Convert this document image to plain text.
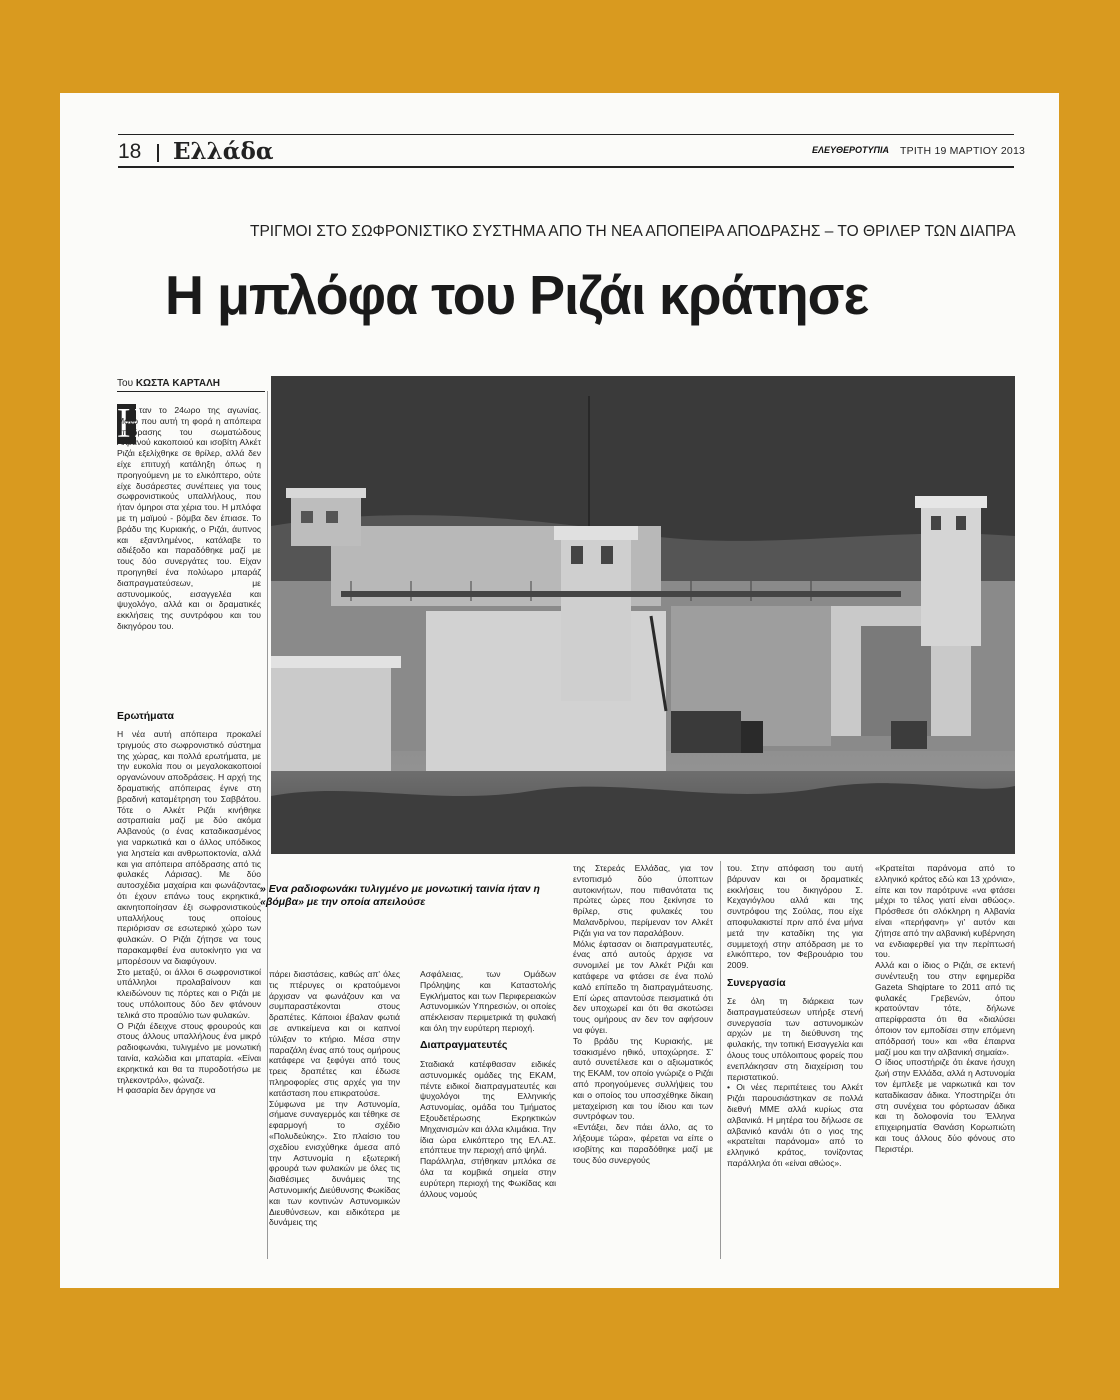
18 Ελλάδα	ΕΛΕΥΘΕΡΟΤΥΠΙΑ ΤΡΙΤΗ 19 ΜΑΡΤΙΟΥ 2013
ΤΡΙΓΜΟΙ ΣΤΟ ΣΩΦΡΟΝΙΣΤΙΚΟ ΣΥΣΤΗΜΑ ΑΠΟ ΤΗ ΝΕΑ ΑΠΟΠΕΙΡΑ ΑΠΟΔΡΑΣΗΣ – ΤΟ ΘΡΙΛΕΡ ΤΩΝ ΔΙΑΠΡΑ
Η μπλόφα του Ριζάι κράτησε
Του ΚΩΣΤΑ ΚΑΡΤΑΛΗ
Η
ταν το 24ωρο της αγωνίας. Μόνο που αυτή τη φορά η απόπειρα απόδρασης του σωματώδους Αλβανού κακοποιού και ισοβίτη Αλκέτ Ριζάι εξελίχθηκε σε θρίλερ, αλλά δεν είχε επιτυχή κατάληξη όπως η προηγούμενη με το ελικόπτερο, ούτε είχε δυσάρεστες συνέπειες για τους σωφρονιστικούς υπαλλήλους, που ήταν όμηροι στα χέρια του. Η μπλόφα με τη μαϊμού - βόμβα δεν έπιασε. Το βράδυ της Κυριακής, ο Ριζάι, άυπνος και εξαντλημένος, κατάλαβε το αδιέξοδο και παραδόθηκε μαζί με τους δύο συνεργάτες του. Είχαν προηγηθεί ένα πολύωρο μπαράζ διαπραγματεύσεων, με αστυνομικούς, εισαγγελέα και ψυχολόγο, αλλά και οι δραματικές εκκλήσεις της συντρόφου και του δικηγόρου του.
Ερωτήματα
Η νέα αυτή απόπειρα προκαλεί τριγμούς στο σωφρονιστικό σύστημα της χώρας, και πολλά ερωτήματα, με την ευκολία που οι μεγαλοκακοποιοί οργανώνουν αποδράσεις. Η αρχή της δραματικής απόπειρας έγινε στη βραδινή καταμέτρηση του Σαββάτου. Τότε ο Αλκέτ Ριζάι κινήθηκε αστραπιαία μαζί με δύο ακόμα Αλβανούς (ο ένας καταδικασμένος για ναρκωτικά και ο άλλος υπόδικος για ληστεία και ανθρωποκτονία, αλλά και για απόπειρα απόδρασης από τις φυλακές Λάρισας). Με δύο αυτοσχέδια μαχαίρια και φωνάζοντας ότι έχουν επάνω τους εκρηκτικά, ακινητοποίησαν έξι σωφρονιστικούς υπαλλήλους τους οποίους περιόρισαν σε εσωτερικό χώρο των φυλακών. Ο Ριζάι ζήτησε να τους παρακαμφθεί ένα αυτοκίνητο για να μπορέσουν να διαφύγουν.
Στο μεταξύ, οι άλλοι 6 σωφρονιστικοί υπάλληλοι προλαβαίνουν και κλειδώνουν τις πόρτες και ο Ριζάι με τους υπόλοιπους δύο δεν φτάνουν τελικά στο προαύλιο των φυλακών.
Ο Ριζάι έδειχνε στους φρουρούς και στους άλλους υπαλλήλους ένα μικρό ραδιοφωνάκι, τυλιγμένο με μονωτική ταινία, καλώδια και μπαταρία. «Είναι εκρηκτικά και θα τα πυροδοτήσω με τηλεκοντρόλ», φώναζε.
Η φασαρία δεν άργησε να
» Ενα ραδιοφωνάκι τυλιγμένο με μονωτική ταινία ήταν η «βόμβα» με την οποία απειλούσε
πάρει διαστάσεις, καθώς απ' όλες τις πτέρυγες οι κρατούμενοι άρχισαν να φωνάζουν και να συμπαραστέκονται στους δραπέτες. Κάποιοι έβαλαν φωτιά σε αντικείμενα και οι καπνοί τύλιξαν το κτήριο. Μέσα στην παραζάλη ένας από τους ομήρους κατάφερε να ξεφύγει από τους τρεις δραπέτες και έδωσε πληροφορίες στις αρχές για την κατάσταση που επικρατούσε.
Σύμφωνα με την Αστυνομία, σήμανε συναγερμός και τέθηκε σε εφαρμογή το σχέδιο «Πολυδεύκης». Στο πλαίσιο του σχεδίου ενισχύθηκε άμεσα από την Αστυνομία η εξωτερική φρουρά των φυλακών με όλες τις διαθέσιμες δυνάμεις της Αστυνομικής Διεύθυνσης Φωκίδας και των κοντινών Αστυνομικών Διευθύνσεων, και ειδικότερα με δυνάμεις της
Ασφάλειας, των Ομάδων Πρόληψης και Καταστολής Εγκλήματος και των Περιφερειακών Αστυνομικών Υπηρεσιών, οι οποίες απέκλεισαν περιμετρικά τη φυλακή και όλη την ευρύτερη περιοχή.
Διαπραγματευτές
Σταδιακά κατέφθασαν ειδικές αστυνομικές ομάδες της ΕΚΑΜ, πέντε ειδικοί διαπραγματευτές και ψυχολόγοι της Ελληνικής Αστυνομίας, ομάδα του Τμήματος Εξουδετέρωσης Εκρηκτικών Μηχανισμών και άλλα κλιμάκια. Την ίδια ώρα ελικόπτερο της ΕΛ.ΑΣ. επόπτευε την περιοχή από ψηλά.
Παράλληλα, στήθηκαν μπλόκα σε όλα τα κομβικά σημεία στην ευρύτερη περιοχή της Φωκίδας και άλλους νομούς
της Στερεάς Ελλάδας, για τον εντοπισμό δύο ύποπτων αυτοκινήτων, που πιθανότατα τις πρώτες ώρες που ξεκίνησε το θρίλερ, στις φυλακές του Μαλανδρίνου, περίμεναν τον Αλκέτ Ριζάι για να τον παραλάβουν.
Μόλις έφτασαν οι διαπραγματευτές, ένας από αυτούς άρχισε να συνομιλεί με τον Αλκέτ Ριζάι και κατάφερε να φτάσει σε ένα πολύ καλό επίπεδο τη διαπραγμάτευσης. Επί ώρες απαντούσε πεισματικά ότι δεν υποχωρεί και ότι θα σκοτώσει τους ομήρους αν δεν τον αφήσουν να φύγει.
Το βράδυ της Κυριακής, με τσακισμένο ηθικό, υποχώρησε. Σ' αυτό συνετέλεσε και ο αξιωματικός της ΕΚΑΜ, τον οποίο γνώριζε ο Ριζάι από προηγούμενες συλλήψεις του και ο οποίος του υποσχέθηκε δίκαιη μεταχείριση και του ίδιου και των συντρόφων του.
«Εντάξει, δεν πάει άλλο, ας το λήξουμε τώρα», φέρεται να είπε ο ισοβίτης και παραδόθηκε μαζί με τους δύο συνεργούς
του. Στην απόφαση του αυτή βάρυναν και οι δραματικές εκκλήσεις του δικηγόρου Σ. Κεχαγιόγλου αλλά και της συντρόφου της Σούλας, που είχε αποφυλακιστεί πριν από ένα μήνα μετά την καταδίκη της για συμμετοχή στην απόδραση με το ελικόπτερο, τον Φεβρουάριο του 2009.
Συνεργασία
Σε όλη τη διάρκεια των διαπραγματεύσεων υπήρξε στενή συνεργασία των αστυνομικών αρχών με τη διεύθυνση της φυλακής, την τοπική Εισαγγελία και όλους τους υπόλοιπους φορείς που ενεπλάκησαν στη διαχείριση του περιστατικού.
• Οι νέες περιπέτειες του Αλκέτ Ριζάι παρουσιάστηκαν σε πολλά διεθνή ΜΜΕ αλλά κυρίως στα αλβανικά. Η μητέρα του δήλωσε σε αλβανικό κανάλι ότι ο γιος της «κρατείται παράνομα» από το ελληνικό κράτος, τονίζοντας παράλληλα ότι «είναι αθώος».
«Κρατείται παράνομα από το ελληνικό κράτος εδώ και 13 χρόνια», είπε και τον παρότρυνε «να φτάσει μέχρι το τέλος γιατί είναι αθώος». Πρόσθεσε ότι σλόκληρη η Αλβανία είναι «περήφανη» γι' αυτόν και ζήτησε από την αλβανική κυβέρνηση να ενδιαφερθεί για την περίπτωσή του.
Αλλά και ο ίδιος ο Ριζάι, σε εκτενή συνέντευξη του στην εφημερίδα Gazeta Shqiptare το 2011 από τις φυλακές Γρεβενών, όπου κρατούνταν τότε, δήλωνε απερίφραστα ότι θα «διαλύσει όποιον τον εμποδίσει στην επόμενη απόδρασή του» και «θα έπαιρνα μαζί μου και την αλβανική σημαία».
Ο ίδιος υποστήριζε ότι έκανε ήσυχη ζωή στην Ελλάδα, αλλά η Αστυνομία τον έμπλεξε με ναρκωτικά και τον καταδίκασαν άδικα. Υποστηρίζει ότι στη συνέχεια του φόρτωσαν άδικα και τη δολοφονία του Έλληνα επιχειρηματία Θανάση Κορωπιώτη και τους άλλους δύο φόνους στο Περιστέρι.
